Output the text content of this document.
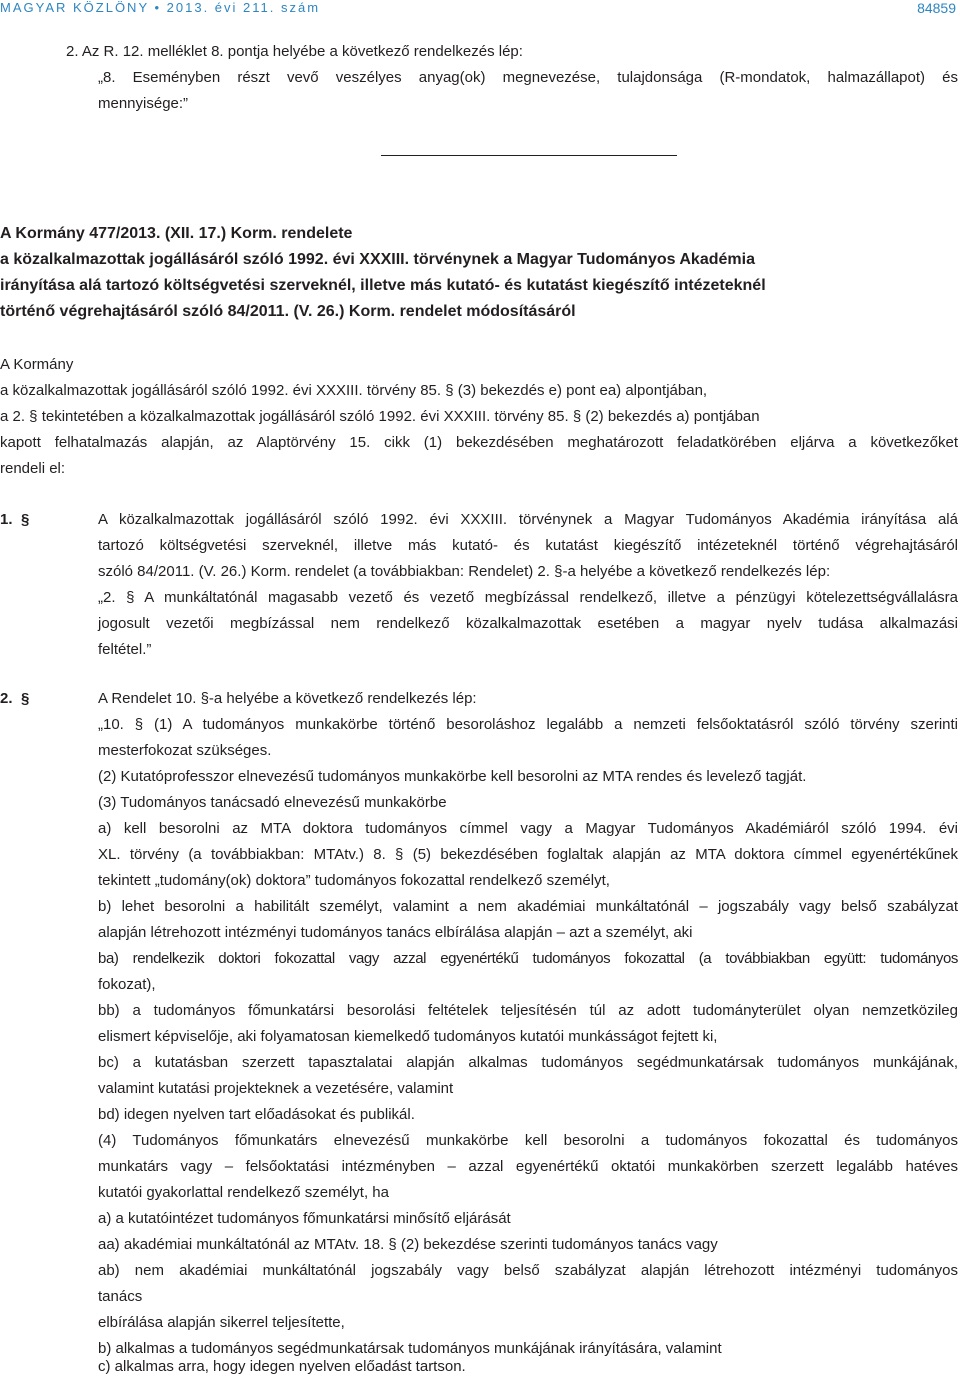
MAGYAR KÖZLÖNY • 2013. évi 211. szám	84859
2. Az R. 12. melléklet 8. pontja helyébe a következő rendelkezés lép:
„8. Eseményben részt vevő veszélyes anyag(ok) megnevezése, tulajdonsága (R-mondatok, halmazállapot) és
mennyisége:”
A Kormány 477/2013. (XII. 17.) Korm. rendelete
a közalkalmazottak jogállásáról szóló 1992. évi XXXIII. törvénynek a Magyar Tudományos Akadémia
irányítása alá tartozó költségvetési szerveknél, illetve más kutató- és kutatást kiegészítő intézeteknél
történő végrehajtásáról szóló 84/2011. (V. 26.) Korm. rendelet módosításáról
A Kormány
a közalkalmazottak jogállásáról szóló 1992. évi XXXIII. törvény 85. § (3) bekezdés e) pont ea) alpontjában,
a 2. § tekintetében a közalkalmazottak jogállásáról szóló 1992. évi XXXIII. törvény 85. § (2) bekezdés a) pontjában
kapott felhatalmazás alapján, az Alaptörvény 15. cikk (1) bekezdésében meghatározott feladatkörében eljárva a következőket
rendeli el:
1. §	A közalkalmazottak jogállásáról szóló 1992. évi XXXIII. törvénynek a Magyar Tudományos Akadémia irányítása alá
tartozó költségvetési szerveknél, illetve más kutató- és kutatást kiegészítő intézeteknél történő végrehajtásáról
szóló 84/2011. (V. 26.) Korm. rendelet (a továbbiakban: Rendelet) 2. §-a helyébe a következő rendelkezés lép:
„2. § A munkáltatónál magasabb vezető és vezető megbízással rendelkező, illetve a pénzügyi kötelezettségvállalásra
jogosult vezetői megbízással nem rendelkező közalkalmazottak esetében a magyar nyelv tudása alkalmazási
feltétel.”
2. §	A Rendelet 10. §-a helyébe a következő rendelkezés lép:
„10. § (1) A tudományos munkakörbe történő besoroláshoz legalább a nemzeti felsőoktatásról szóló törvény szerinti
mesterfokozat szükséges.
(2) Kutatóprofesszor elnevezésű tudományos munkakörbe kell besorolni az MTA rendes és levelező tagját.
(3) Tudományos tanácsadó elnevezésű munkakörbe
a) kell besorolni az MTA doktora tudományos címmel vagy a Magyar Tudományos Akadémiáról szóló 1994. évi
XL. törvény (a továbbiakban: MTAtv.) 8. § (5) bekezdésében foglaltak alapján az MTA doktora címmel egyenértékűnek
tekintett „tudomány(ok) doktora” tudományos fokozattal rendelkező személyt,
b) lehet besorolni a habilitált személyt, valamint a nem akadémiai munkáltatónál – jogszabály vagy belső szabályzat
alapján létrehozott intézményi tudományos tanács elbírálása alapján – azt a személyt, aki
ba) rendelkezik doktori fokozattal vagy azzal egyenértékű tudományos fokozattal (a továbbiakban együtt: tudományos
fokozat),
bb) a tudományos főmunkatársi besorolási feltételek teljesítésén túl az adott tudományterület olyan nemzetközileg
elismert képviselője, aki folyamatosan kiemelkedő tudományos kutatói munkásságot fejtett ki,
bc) a kutatásban szerzett tapasztalatai alapján alkalmas tudományos segédmunkatársak tudományos munkájának,
valamint kutatási projekteknek a vezetésére, valamint
bd) idegen nyelven tart előadásokat és publikál.
(4) Tudományos főmunkatárs elnevezésű munkakörbe kell besorolni a tudományos fokozattal és tudományos
munkatárs vagy – felsőoktatási intézményben – azzal egyenértékű oktatói munkakörben szerzett legalább hatéves
kutatói gyakorlattal rendelkező személyt, ha
a) a kutatóintézet tudományos főmunkatársi minősítő eljárását
aa) akadémiai munkáltatónál az MTAtv. 18. § (2) bekezdése szerinti tudományos tanács vagy
ab) nem akadémiai munkáltatónál jogszabály vagy belső szabályzat alapján létrehozott intézményi tudományos
tanács
elbírálása alapján sikerrel teljesítette,
b) alkalmas a tudományos segédmunkatársak tudományos munkájának irányítására, valamint
c) alkalmas arra, hogy idegen nyelven előadást tartson.
